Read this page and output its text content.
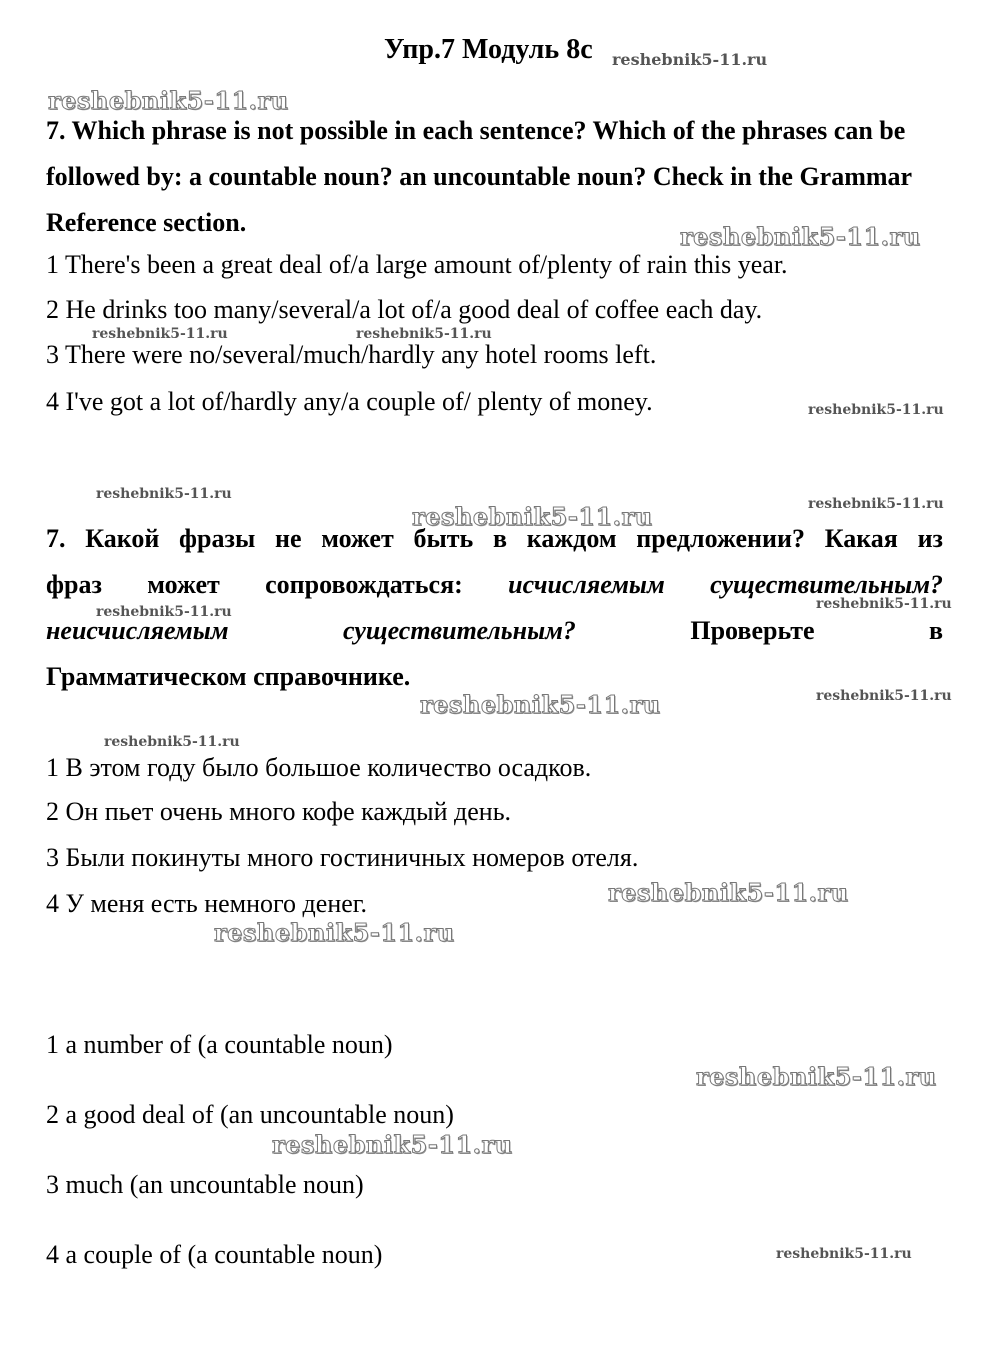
Упр.7 Модуль 8с
7. Which phrase is not possible in each sentence? Which of the phrases can be followed by: a countable noun? an uncountable noun? Check in the Grammar Reference section.
1 There's been a great deal of/a large amount of/plenty of rain this year.
2 He drinks too many/several/a lot of/a good deal of coffee each day.
3 There were no/several/much/hardly any hotel rooms left.
4 I've got a lot of/hardly any/a couple of/ plenty of money.

7. Какой фразы не может быть в каждом предложении? Какая из

фраз может сопровождаться: исчисляемым существительным?

неисчисляемым	существительным?	Проверьте в

Грамматическом справочнике.

1 В этом году было большое количество осадков.
2 Он пьет очень много кофе каждый день.
3 Были покинуты много гостиничных номеров отеля.
4 У меня есть немного денег.
1 a number of (a countable noun)
2 a good deal of (an uncountable noun)
3 much (an uncountable noun)
4 a couple of (a countable noun)
reshebnik5-11.ru
reshebnik5-11.ru
reshebnik5-11.ru
reshebnik5-11.ru	reshebnik5-11.ru
reshebnik5-11.ru
reshebnik5-11.ru
reshebnik5-11.ru
reshebnik5-11.ru
reshebnik5-11.ru	reshebnik5-11.ru
reshebnik5-11.ru
reshebnik5-11.ru
reshebnik5-11.ru
reshebnik5-11.ru
reshebnik5-11.ru
reshebnik5-11.ru
reshebnik5-11.ru
reshebnik5-11.ru
